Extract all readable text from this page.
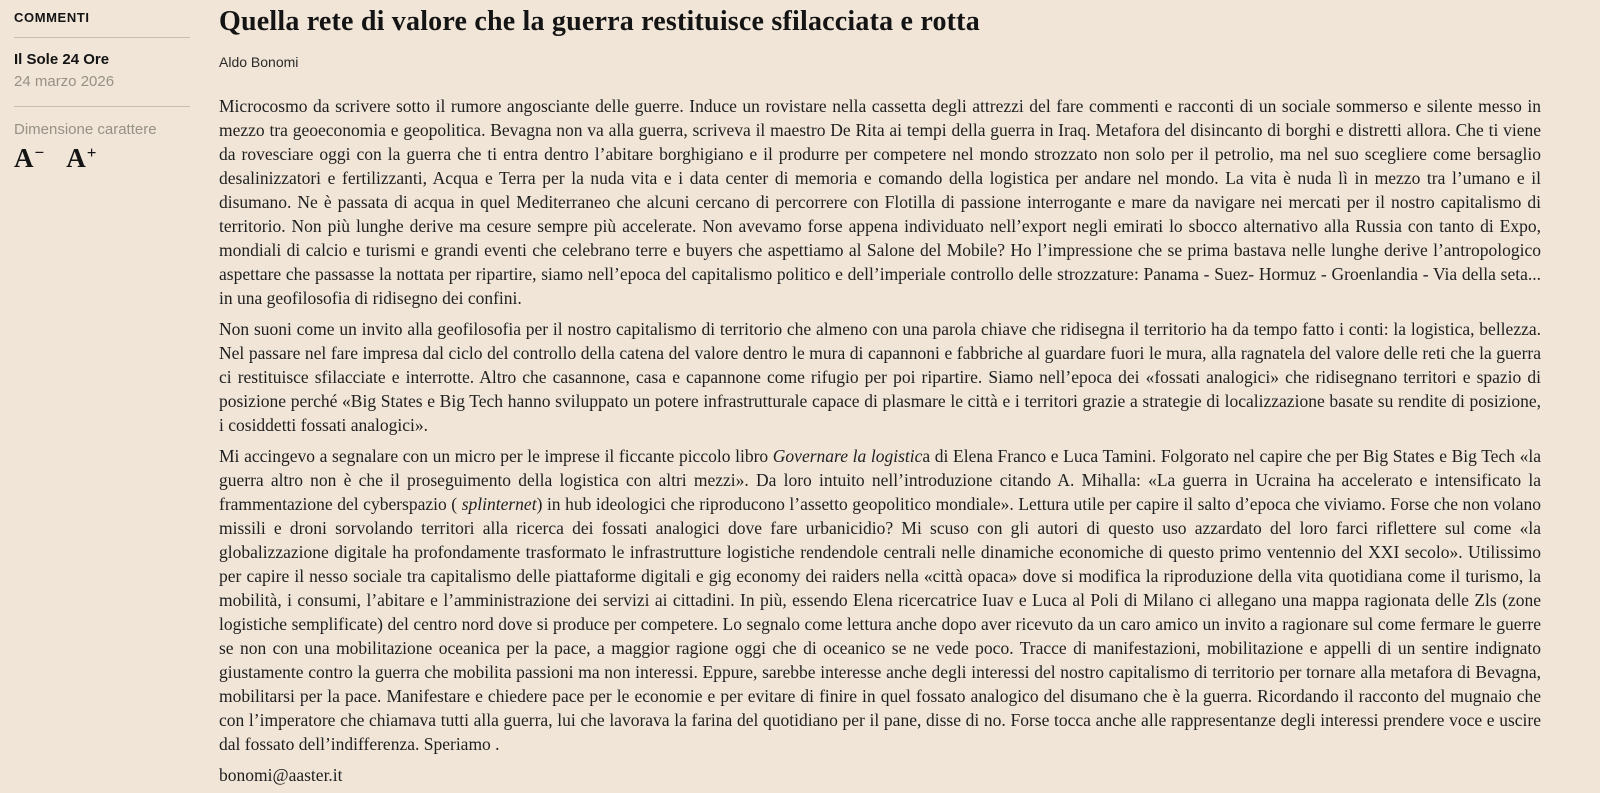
COMMENTI
Il Sole 24 Ore
24 marzo 2026
Dimensione carattere
A− A+
Quella rete di valore che la guerra restituisce sfilacciata e rotta
Aldo Bonomi

Microcosmo da scrivere sotto il rumore angosciante delle guerre. Induce un rovistare nella cassetta degli attrezzi del fare commenti e racconti di un sociale sommerso e silente messo in mezzo tra geoeconomia e geopolitica. Bevagna non va alla guerra, scriveva il maestro De Rita ai tempi della guerra in Iraq. Metafora del disincanto di borghi e distretti allora. Che ti viene da rovesciare oggi con la guerra che ti entra dentro l’abitare borghigiano e il produrre per competere nel mondo strozzato non solo per il petrolio, ma nel suo scegliere come bersaglio desalinizzatori e fertilizzanti, Acqua e Terra per la nuda vita e i data center di memoria e comando della logistica per andare nel mondo. La vita è nuda lì in mezzo tra l’umano e il disumano. Ne è passata di acqua in quel Mediterraneo che alcuni cercano di percorrere con Flotilla di passione interrogante e mare da navigare nei mercati per il nostro capitalismo di territorio. Non più lunghe derive ma cesure sempre più accelerate. Non avevamo forse appena individuato nell’export negli emirati lo sbocco alternativo alla Russia con tanto di Expo, mondiali di calcio e turismi e grandi eventi che celebrano terre e buyers che aspettiamo al Salone del Mobile? Ho l’impressione che se prima bastava nelle lunghe derive l’antropologico aspettare che passasse la nottata per ripartire, siamo nell’epoca del capitalismo politico e dell’imperiale controllo delle strozzature: Panama - Suez- Hormuz - Groenlandia - Via della seta... in una geofilosofia di ridisegno dei confini.

Non suoni come un invito alla geofilosofia per il nostro capitalismo di territorio che almeno con una parola chiave che ridisegna il territorio ha da tempo fatto i conti: la logistica, bellezza. Nel passare nel fare impresa dal ciclo del controllo della catena del valore dentro le mura di capannoni e fabbriche al guardare fuori le mura, alla ragnatela del valore delle reti che la guerra ci restituisce sfilacciate e interrotte. Altro che casannone, casa e capannone come rifugio per poi ripartire. Siamo nell’epoca dei «fossati analogici» che ridisegnano territori e spazio di posizione perché «Big States e Big Tech hanno sviluppato un potere infrastrutturale capace di plasmare le città e i territori grazie a strategie di localizzazione basate su rendite di posizione, i cosiddetti fossati analogici».

Mi accingevo a segnalare con un micro per le imprese il ficcante piccolo libro Governare la logistica di Elena Franco e Luca Tamini. Folgorato nel capire che per Big States e Big Tech «la guerra altro non è che il proseguimento della logistica con altri mezzi». Da loro intuito nell’introduzione citando A. Mihalla: «La guerra in Ucraina ha accelerato e intensificato la frammentazione del cyberspazio ( splinternet) in hub ideologici che riproducono l’assetto geopolitico mondiale». Lettura utile per capire il salto d’epoca che viviamo. Forse che non volano missili e droni sorvolando territori alla ricerca dei fossati analogici dove fare urbanicidio? Mi scuso con gli autori di questo uso azzardato del loro farci riflettere sul come «la globalizzazione digitale ha profondamente trasformato le infrastrutture logistiche rendendole centrali nelle dinamiche economiche di questo primo ventennio del XXI secolo». Utilissimo per capire il nesso sociale tra capitalismo delle piattaforme digitali e gig economy dei raiders nella «città opaca» dove si modifica la riproduzione della vita quotidiana come il turismo, la mobilità, i consumi, l’abitare e l’amministrazione dei servizi ai cittadini. In più, essendo Elena ricercatrice Iuav e Luca al Poli di Milano ci allegano una mappa ragionata delle Zls (zone logistiche semplificate) del centro nord dove si produce per competere. Lo segnalo come lettura anche dopo aver ricevuto da un caro amico un invito a ragionare sul come fermare le guerre se non con una mobilitazione oceanica per la pace, a maggior ragione oggi che di oceanico se ne vede poco. Tracce di manifestazioni, mobilitazione e appelli di un sentire indignato giustamente contro la guerra che mobilita passioni ma non interessi. Eppure, sarebbe interesse anche degli interessi del nostro capitalismo di territorio per tornare alla metafora di Bevagna, mobilitarsi per la pace. Manifestare e chiedere pace per le economie e per evitare di finire in quel fossato analogico del disumano che è la guerra. Ricordando il racconto del mugnaio che con l’imperatore che chiamava tutti alla guerra, lui che lavorava la farina del quotidiano per il pane, disse di no. Forse tocca anche alle rappresentanze degli interessi prendere voce e uscire dal fossato dell’indifferenza. Speriamo .

bonomi@aaster.it
